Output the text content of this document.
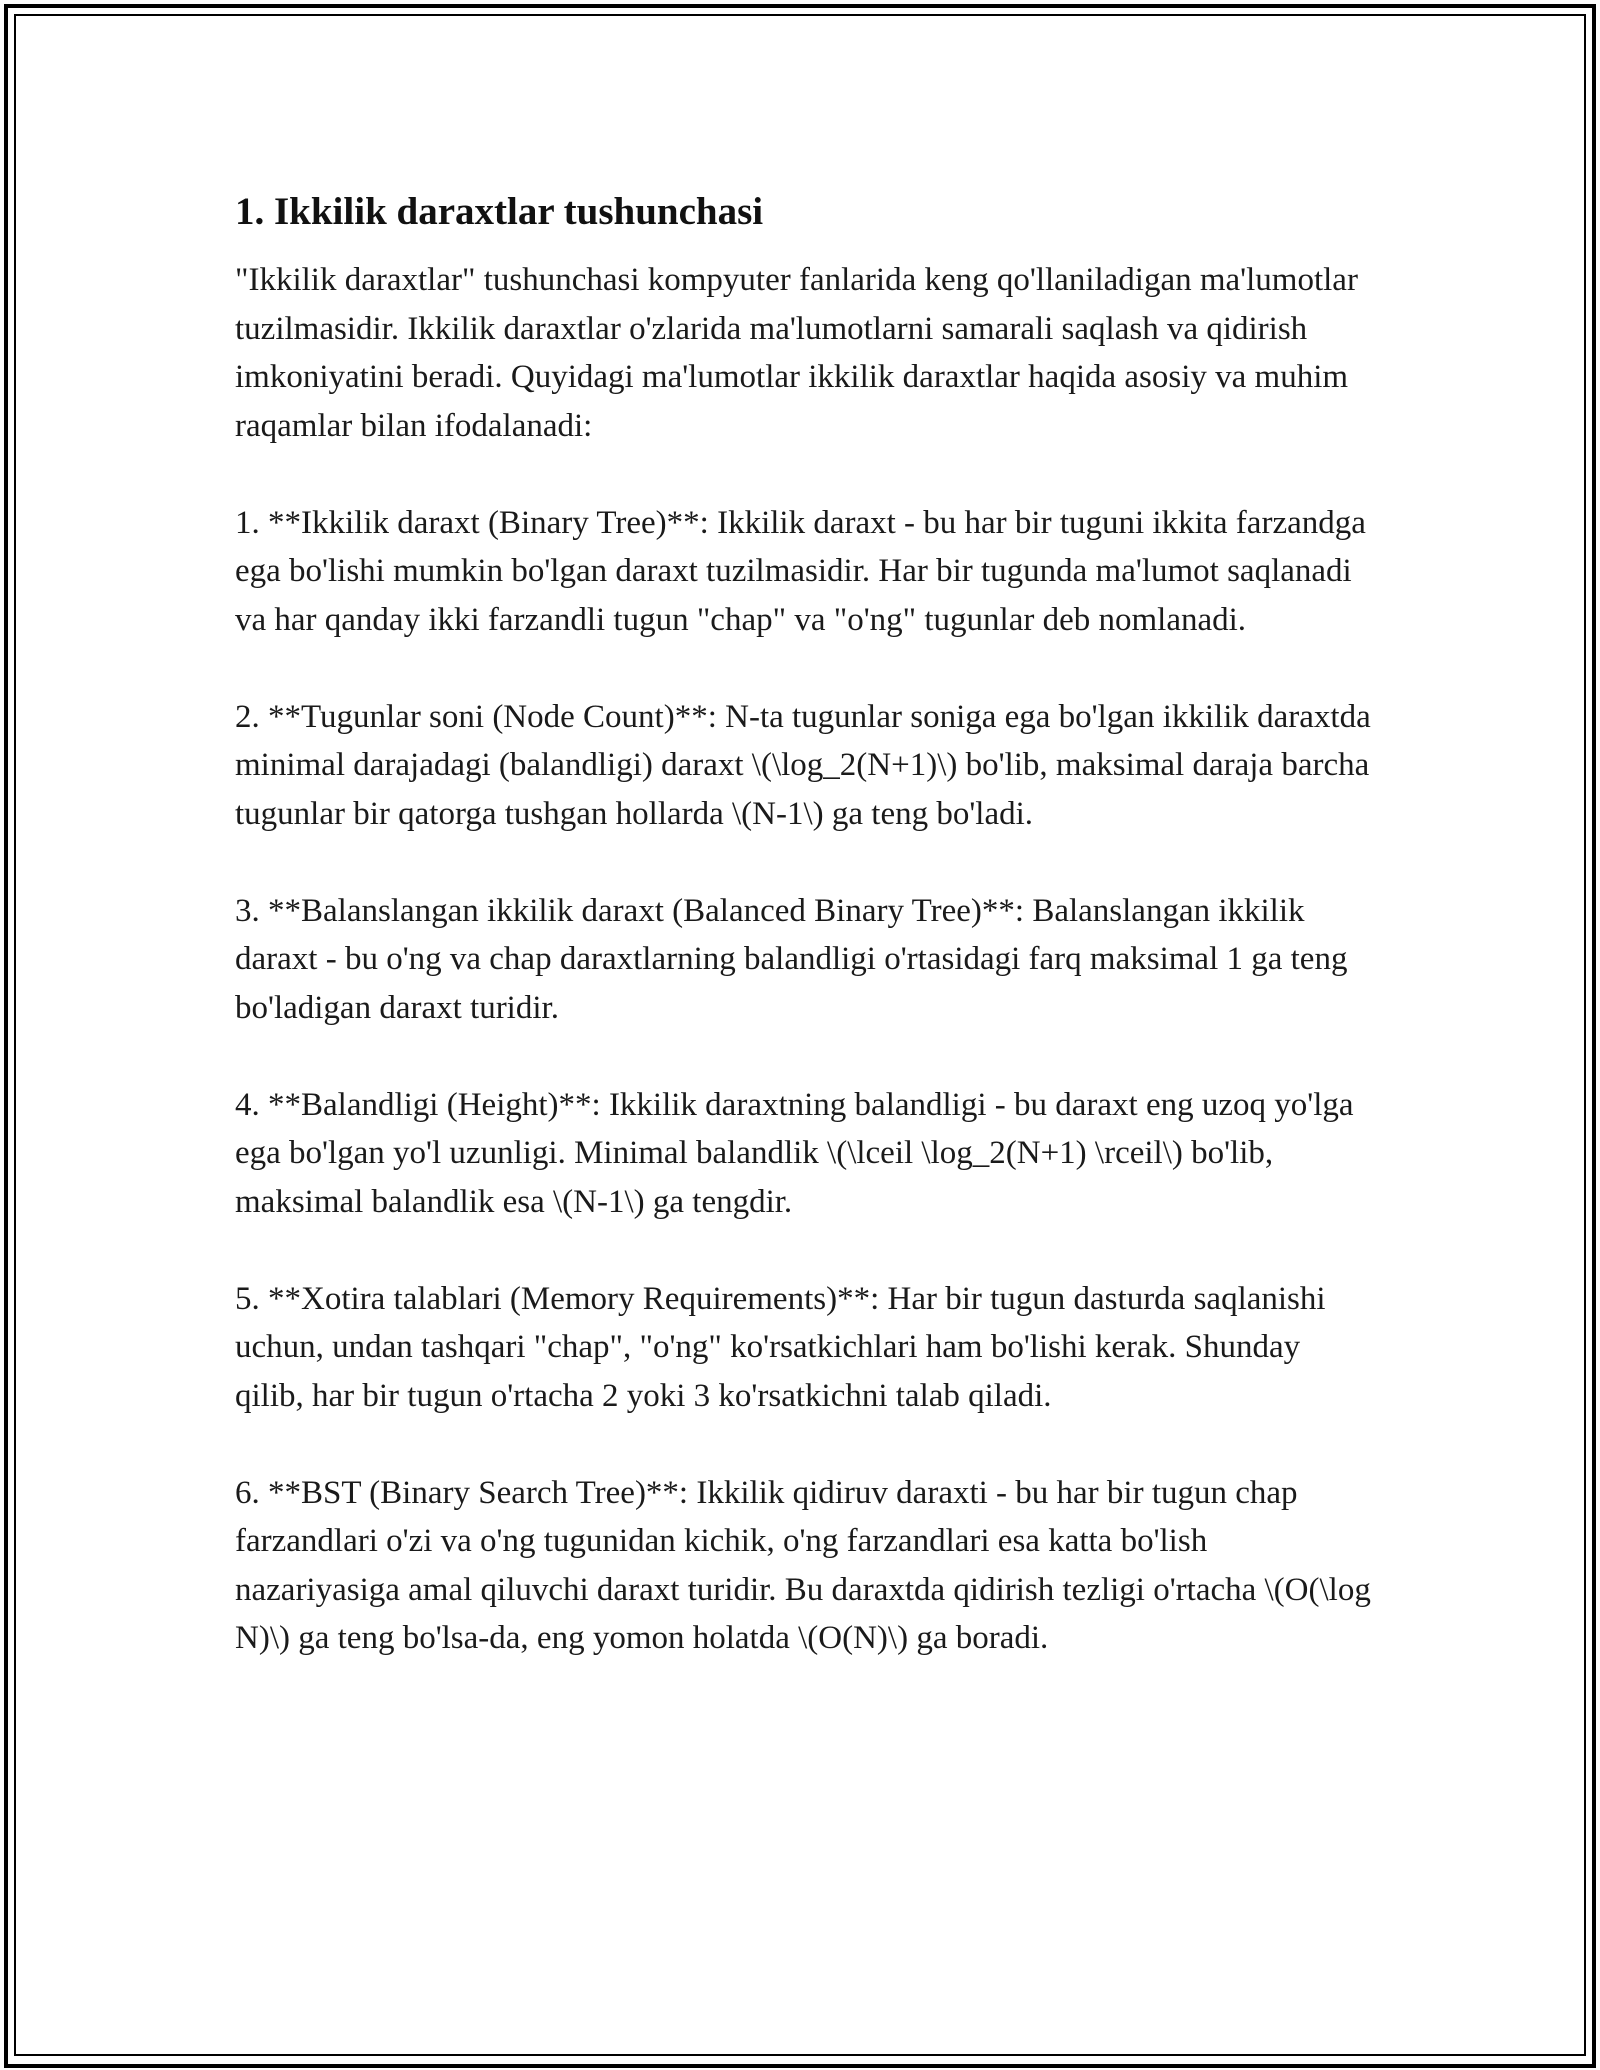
1. Ikkilik daraxtlar tushunchasi

"Ikkilik daraxtlar" tushunchasi kompyuter fanlarida keng qo'llaniladigan ma'lumotlar tuzilmasidir. Ikkilik daraxtlar o'zlarida ma'lumotlarni samarali saqlash va qidirish imkoniyatini beradi. Quyidagi ma'lumotlar ikkilik daraxtlar haqida asosiy va muhim raqamlar bilan ifodalanadi:

1. **Ikkilik daraxt (Binary Tree)**: Ikkilik daraxt - bu har bir tuguni ikkita farzandga ega bo'lishi mumkin bo'lgan daraxt tuzilmasidir. Har bir tugunda ma'lumot saqlanadi va har qanday ikki farzandli tugun "chap" va "o'ng" tugunlar deb nomlanadi.

2. **Tugunlar soni (Node Count)**: N-ta tugunlar soniga ega bo'lgan ikkilik daraxtda minimal darajadagi (balandligi) daraxt \(\log_2(N+1)\) bo'lib, maksimal daraja barcha tugunlar bir qatorga tushgan hollarda \(N-1\) ga teng bo'ladi.

3. **Balanslangan ikkilik daraxt (Balanced Binary Tree)**: Balanslangan ikkilik daraxt - bu o'ng va chap daraxtlarning balandligi o'rtasidagi farq maksimal 1 ga teng bo'ladigan daraxt turidir.

4. **Balandligi (Height)**: Ikkilik daraxtning balandligi - bu daraxt eng uzoq yo'lga ega bo'lgan yo'l uzunligi. Minimal balandlik \(\lceil \log_2(N+1) \rceil\) bo'lib, maksimal balandlik esa \(N-1\) ga tengdir.

5. **Xotira talablari (Memory Requirements)**: Har bir tugun dasturda saqlanishi uchun, undan tashqari "chap", "o'ng" ko'rsatkichlari ham bo'lishi kerak. Shunday qilib, har bir tugun o'rtacha 2 yoki 3 ko'rsatkichni talab qiladi.

6. **BST (Binary Search Tree)**: Ikkilik qidiruv daraxti - bu har bir tugun chap farzandlari o'zi va o'ng tugunidan kichik, o'ng farzandlari esa katta bo'lish nazariyasiga amal qiluvchi daraxt turidir. Bu daraxtda qidirish tezligi o'rtacha \(O(\log N)\) ga teng bo'lsa-da, eng yomon holatda \(O(N)\) ga boradi.
